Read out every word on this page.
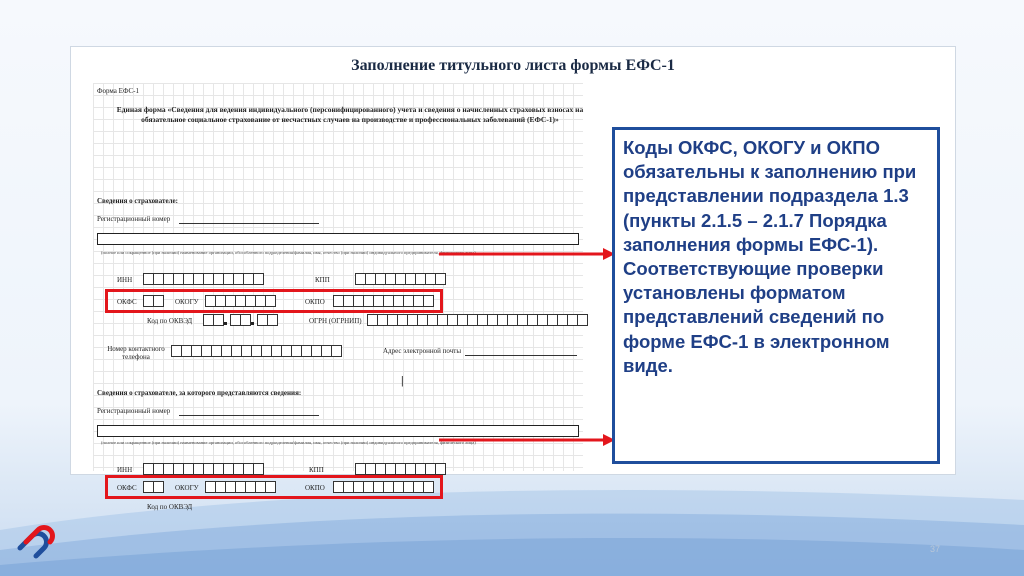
Заполнение титульного листа формы ЕФС-1
Форма ЕФС-1
Единая форма «Сведения для ведения индивидуального (персонифицированного) учета и сведения о начисленных страховых взносах на обязательное социальное страхование от несчастных случаев на производстве и профессиональных заболеваний (ЕФС-1)»
Сведения о страхователе:
Регистрационный номер
(полное или сокращенное (при наличии) наименование организации, обособленного подразделения/фамилия, имя, отчество (при наличии) индивидуального предпринимателя, физического лица)
ИНН	КПП
ОКФС	ОКОГУ	ОКПО
Код по ОКВЭД	ОГРН (ОГРНИП)
Номер контактного телефона
Адрес электронной почты
|
Сведения о страхователе, за которого представляются сведения:
Регистрационный номер
(полное или сокращенное (при наличии) наименование организации, обособленного подразделения/фамилия, имя, отчество (при наличии) индивидуального предпринимателя, физического лица)
ИНН	КПП
ОКФС	ОКОГУ	ОКПО
Код по ОКВЭД
Коды ОКФС, ОКОГУ и ОКПО обязательны к заполнению при представлении подраздела 1.3 (пункты 2.1.5 – 2.1.7 Порядка заполнения формы ЕФС-1). Соответствующие проверки установлены форматом представлений сведений по форме ЕФС-1 в электронном виде.
37
